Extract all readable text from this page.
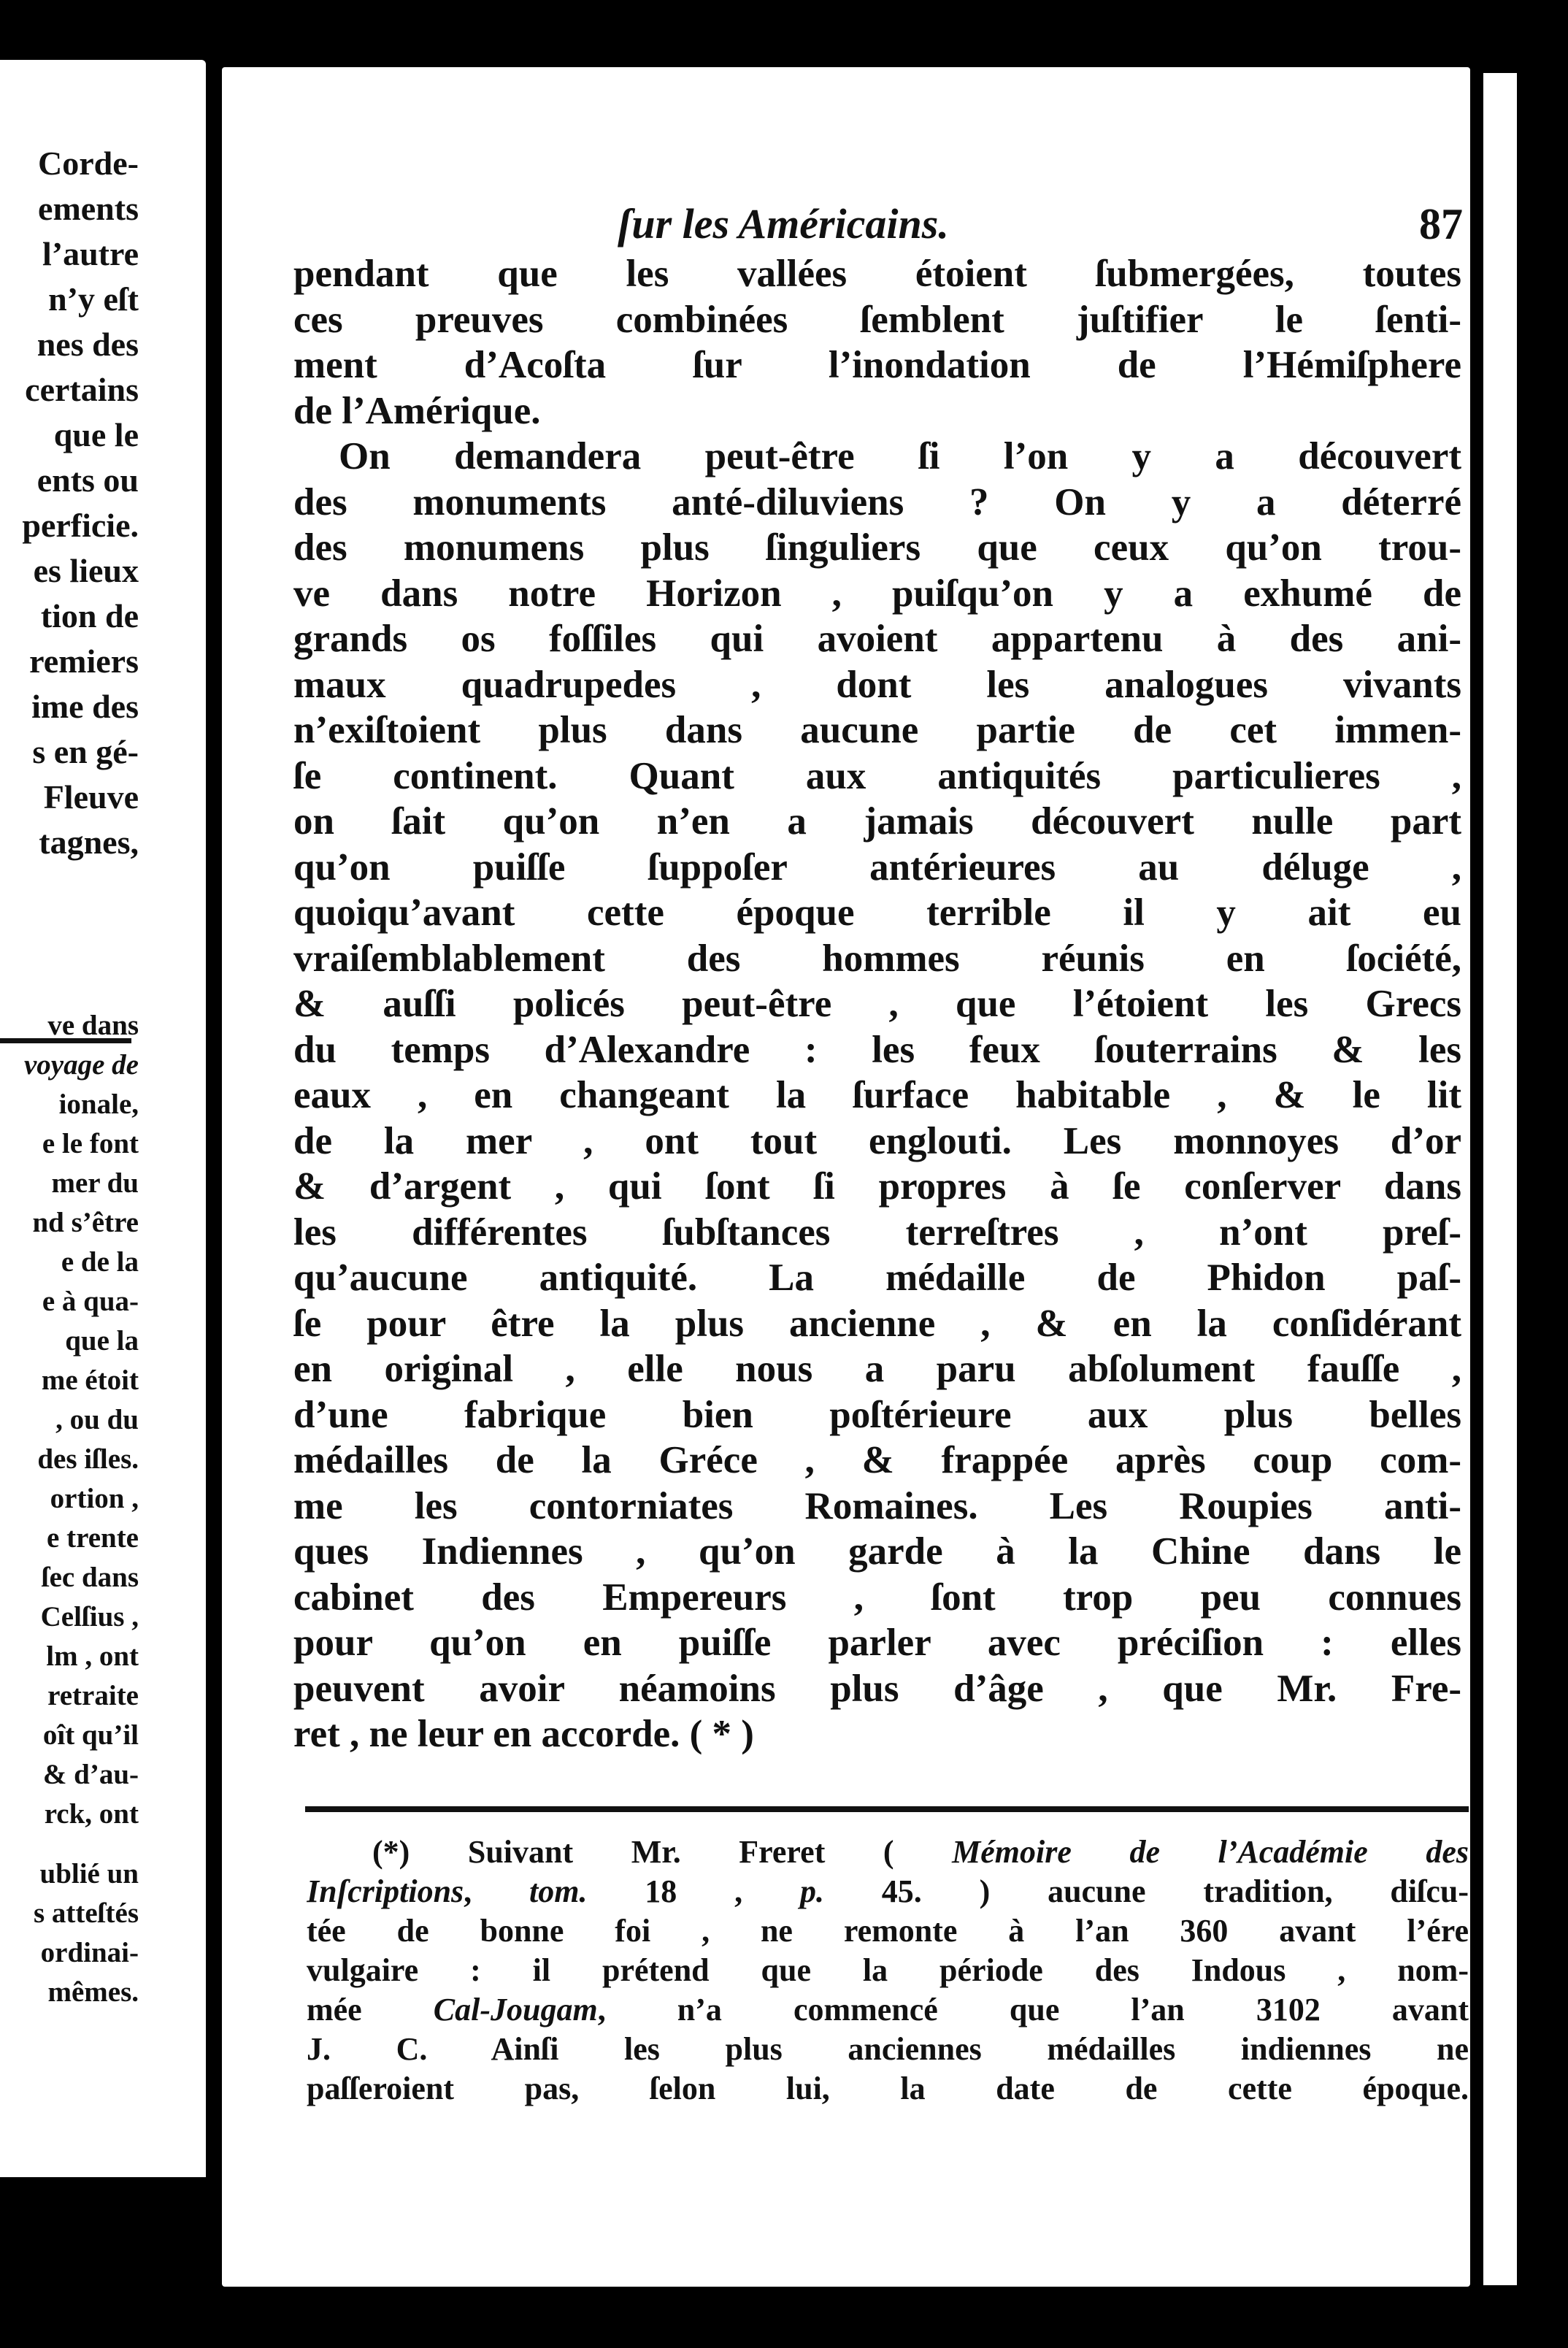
Corde-
ements
l’autre
n’y eſt
nes des
certains
que le
ents ou
perficie.
es lieux
tion de
remiers
ime des
s en gé-
Fleuve
tagnes,
ve dans
voyage de
ionale,
e le font
mer du
nd s’être
e de la
e à qua-
que la
me étoit
, ou du
des iſles.
ortion ,
e trente
ſec dans
Celſius ,
lm , ont
retraite
oît qu’il
& d’au-
rck, ont
ublié un
s atteſtés
ordinai-
mêmes.
ſur les Américains.	87
pendant que les vallées étoient ſubmergées, toutes
ces preuves combinées ſemblent juſtifier le ſenti-
ment d’Acoſta ſur l’inondation de l’Hémiſphere
de l’Amérique.
On demandera peut-être ſi l’on y a découvert
des monuments anté-diluviens ? On y a déterré
des monumens plus ſinguliers que ceux qu’on trou-
ve dans notre Horizon , puiſqu’on y a exhumé de
grands os foſſiles qui avoient appartenu à des ani-
maux quadrupedes , dont les analogues vivants
n’exiſtoient plus dans aucune partie de cet immen-
ſe continent. Quant aux antiquités particulieres ,
on ſait qu’on n’en a jamais découvert nulle part
qu’on puiſſe ſuppoſer antérieures au déluge ,
quoiqu’avant cette époque terrible il y ait eu
vraiſemblablement des hommes réunis en ſociété,
& auſſi policés peut-être , que l’étoient les Grecs
du temps d’Alexandre : les feux ſouterrains & les
eaux , en changeant la ſurface habitable , & le lit
de la mer , ont tout englouti. Les monnoyes d’or
& d’argent , qui ſont ſi propres à ſe conſerver dans
les différentes ſubſtances terreſtres , n’ont preſ-
qu’aucune antiquité. La médaille de Phidon paſ-
ſe pour être la plus ancienne , & en la conſidérant
en original , elle nous a paru abſolument fauſſe ,
d’une fabrique bien poſtérieure aux plus belles
médailles de la Gréce , & frappée après coup com-
me les contorniates Romaines. Les Roupies anti-
ques Indiennes , qu’on garde à la Chine dans le
cabinet des Empereurs , ſont trop peu connues
pour qu’on en puiſſe parler avec préciſion : elles
peuvent avoir néamoins plus d’âge , que Mr. Fre-
ret , ne leur en accorde. ( * )
(*) Suivant Mr. Freret ( Mémoire de l’Académie des
Inſcriptions, tom. 18 , p. 45. ) aucune tradition, diſcu-
tée de bonne foi , ne remonte à l’an 360 avant l’ére
vulgaire : il prétend que la période des Indous , nom-
mée Cal-Jougam, n’a commencé que l’an 3102 avant
J. C. Ainſi les plus anciennes médailles indiennes ne
paſſeroient pas, ſelon lui, la date de cette époque.
